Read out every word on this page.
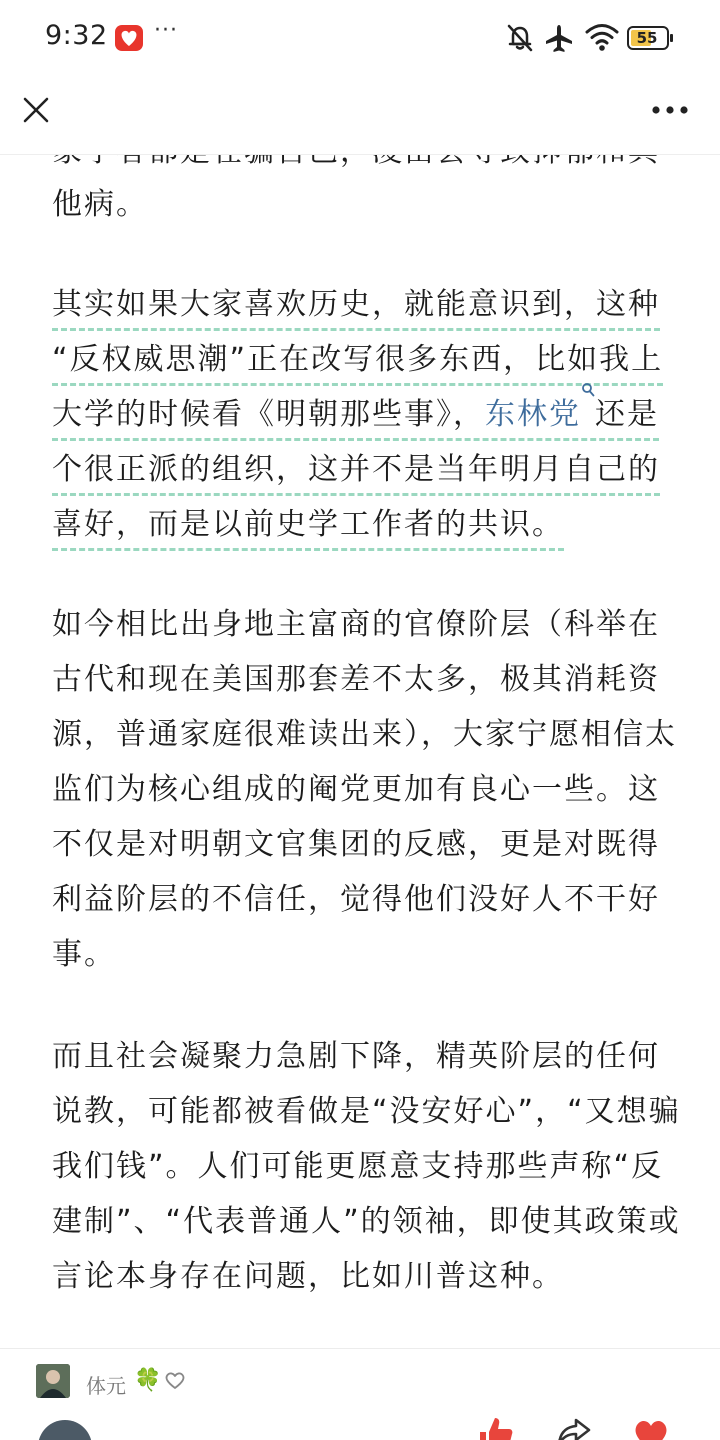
9:32 ···	55
他病。
其实如果大家喜欢历史，就能意识到，这种
“反权威思潮”正在改写很多东西，比如我上
大学的时候看《明朝那些事》，东林党 还是
个很正派的组织，这并不是当年明月自己的
喜好，而是以前史学工作者的共识。
如今相比出身地主富商的官僚阶层（科举在
古代和现在美国那套差不太多，极其消耗资
源，普通家庭很难读出来），大家宁愿相信太
监们为核心组成的阉党更加有良心一些。这
不仅是对明朝文官集团的反感，更是对既得
利益阶层的不信任，觉得他们没好人不干好
事。
而且社会凝聚力急剧下降，精英阶层的任何
说教，可能都被看做是“没安好心”，“又想骗
我们钱”。人们可能更愿意支持那些声称“反
建制”、“代表普通人”的领袖，即使其政策或
言论本身存在问题，比如川普这种。
体元 🍀
